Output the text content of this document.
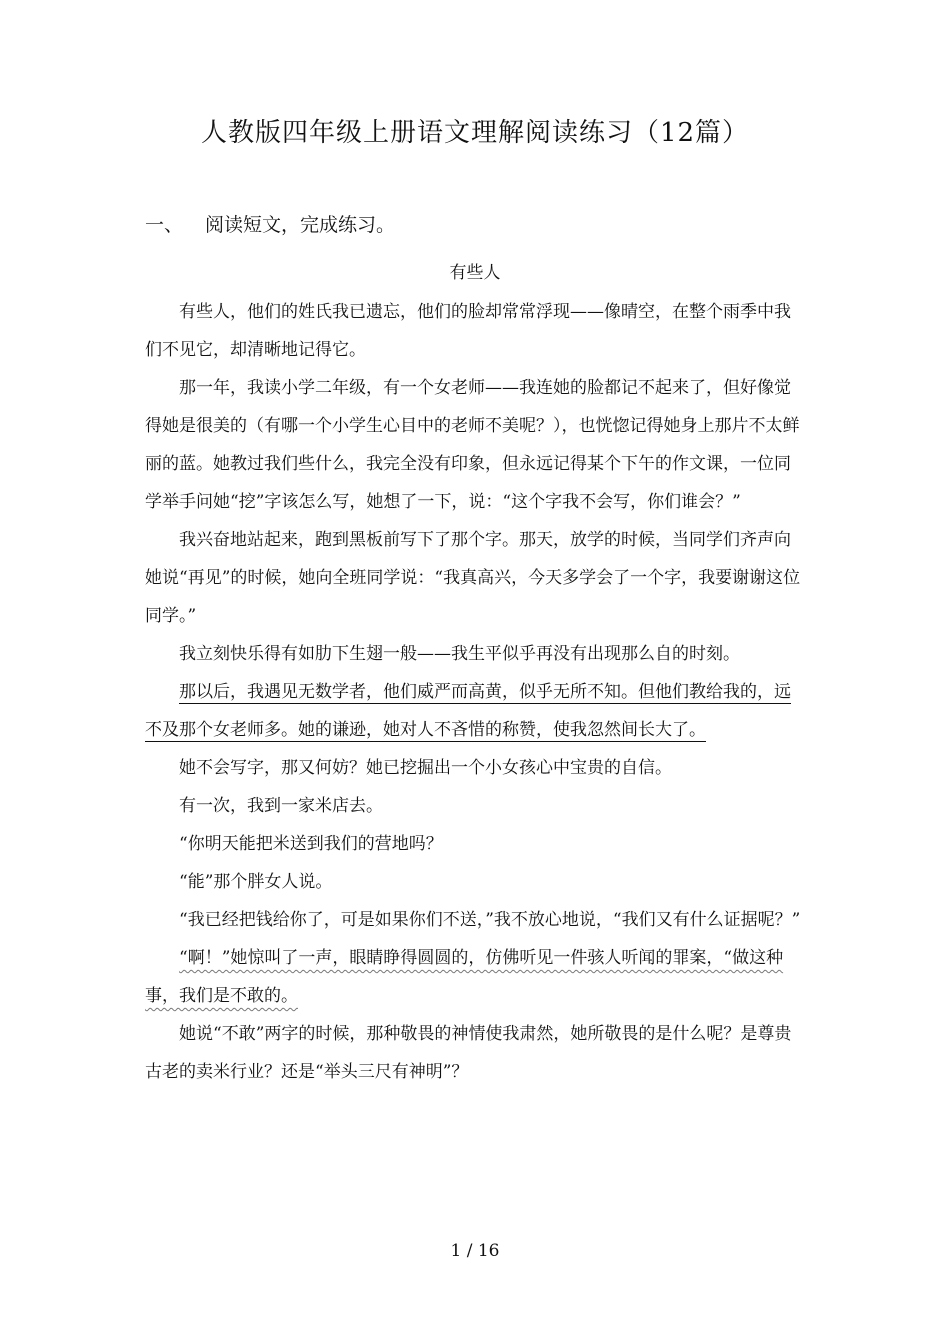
人教版四年级上册语文理解阅读练习（12篇）
一、 阅读短文，完成练习。
有些人

有些人，他们的姓氏我已遗忘，他们的脸却常常浮现——像晴空，在整个雨季中我们不见它，却清晰地记得它。

那一年，我读小学二年级，有一个女老师——我连她的脸都记不起来了，但好像觉得她是很美的（有哪一个小学生心目中的老师不美呢？），也恍惚记得她身上那片不太鲜丽的蓝。她教过我们些什么，我完全没有印象，但永远记得某个下午的作文课，一位同学举手问她“挖”字该怎么写，她想了一下，说：“这个字我不会写，你们谁会？”

我兴奋地站起来，跑到黑板前写下了那个字。那天，放学的时候，当同学们齐声向她说“再见”的时候，她向全班同学说：“我真高兴，今天多学会了一个字，我要谢谢这位同学。”

我立刻快乐得有如肋下生翅一般——我生平似乎再没有出现那么自的时刻。

那以后，我遇见无数学者，他们威严而高黄，似乎无所不知。但他们教给我的，远不及那个女老师多。她的谦逊，她对人不吝惜的称赞，使我忽然间长大了。

她不会写字，那又何妨？她已挖掘出一个小女孩心中宝贵的自信。

有一次，我到一家米店去。

“你明天能把米送到我们的营地吗？

“能”那个胖女人说。

“我已经把钱给你了，可是如果你们不送，”我不放心地说，“我们又有什么证据呢？”

“啊！”她惊叫了一声，眼睛睁得圆圆的，仿佛听见一件骇人听闻的罪案，“做这种事，我们是不敢的。

她说“不敢”两字的时候，那种敬畏的神情使我肃然，她所敬畏的是什么呢？是尊贵古老的卖米行业？还是“举头三尺有神明”？

1 / 16
